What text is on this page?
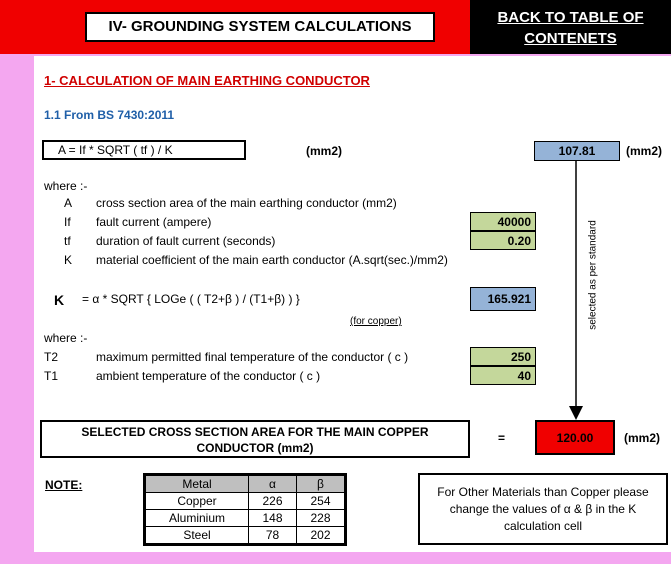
IV- GROUNDING SYSTEM CALCULATIONS
BACK TO TABLE OF
CONTENETS
1- CALCULATION OF MAIN EARTHING CONDUCTOR
1.1 From BS 7430:2011
A = If * SQRT ( tf ) / K	(mm2)	107.81	(mm2)
where :-
A cross section area of the main earthing conductor (mm2)
If fault current (ampere)	40000
tf duration of fault current (seconds)	0.20
K material coefficient of the main earth conductor (A.sqrt(sec.)/mm2)
K = α * SQRT { LOGe ( ( T2+β ) / (T1+β) ) }	165.921
(for copper)
where :-
T2	maximum permitted final temperature of the conductor ( c )	250
T1	ambient temperature of the conductor ( c )	40
selected as per standard
SELECTED CROSS SECTION AREA FOR THE MAIN COPPER
CONDUCTOR (mm2)
=	120.00	(mm2)
NOTE:	Metal	α	β
Copper	226	254
Aluminium	148	228
Steel	78	202
For Other Materials than Copper please change the values of α & β in the K calculation cell
